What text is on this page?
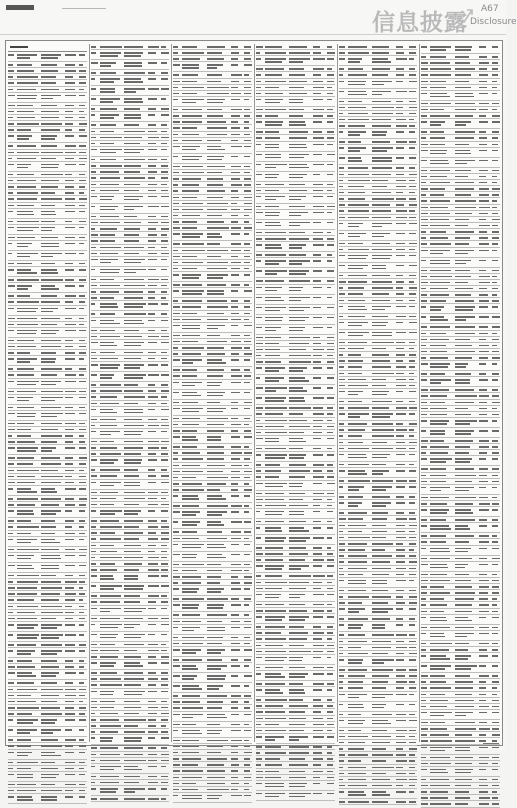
信息披露
A67
Disclosure
